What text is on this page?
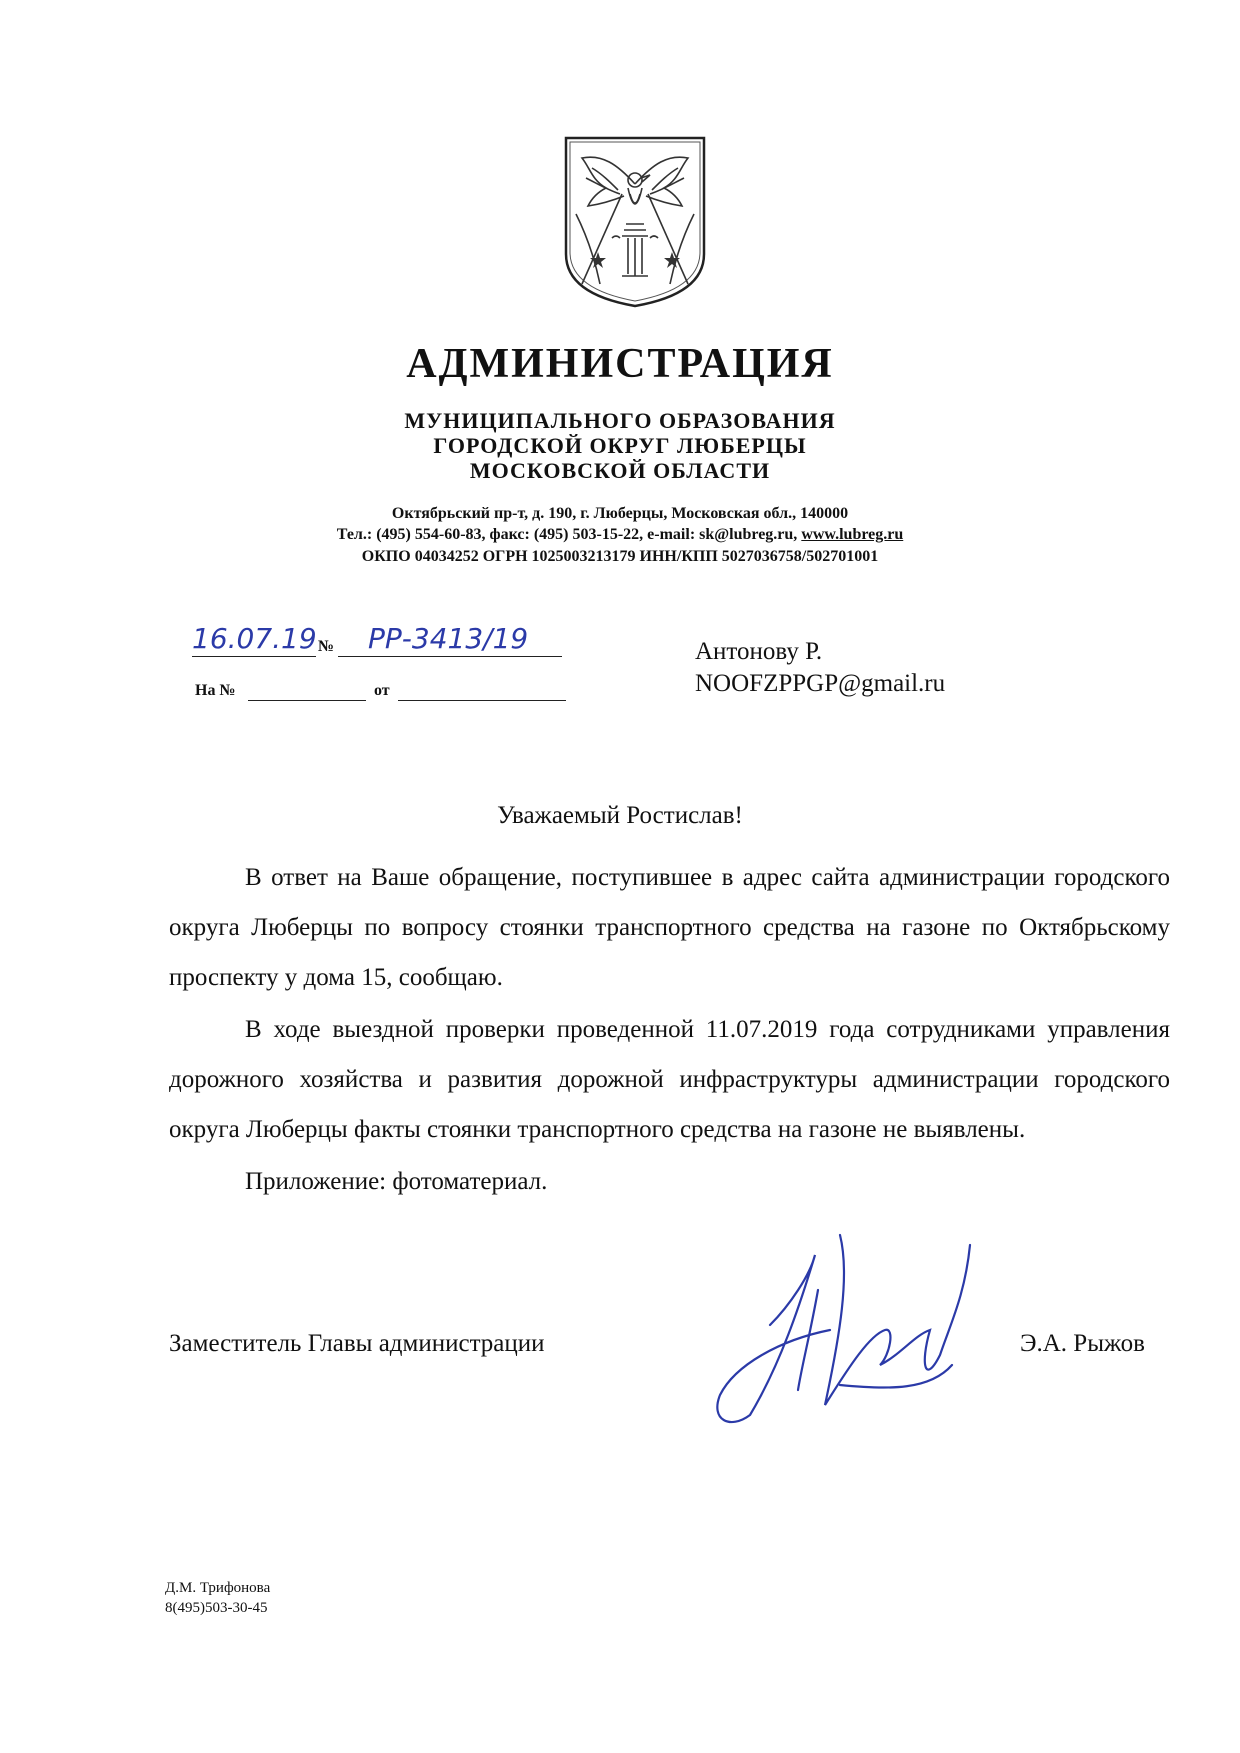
АДМИНИСТРАЦИЯ
МУНИЦИПАЛЬНОГО ОБРАЗОВАНИЯ
ГОРОДСКОЙ ОКРУГ ЛЮБЕРЦЫ
МОСКОВСКОЙ ОБЛАСТИ
Октябрьский пр-т, д. 190, г. Люберцы, Московская обл., 140000
Тел.: (495) 554-60-83, факс: (495) 503-15-22, e-mail: sk@lubreg.ru, www.lubreg.ru
ОКПО 04034252 ОГРН 1025003213179 ИНН/КПП 5027036758/502701001
16.07.19 № РР-3413/19
На №	от
Антонову Р.
NOOFZPPGP@gmail.ru
Уважаемый Ростислав!

В ответ на Ваше обращение, поступившее в адрес сайта администрации городского округа Люберцы по вопросу стоянки транспортного средства на газоне по Октябрьскому проспекту у дома 15, сообщаю.

В ходе выездной проверки проведенной 11.07.2019 года сотрудниками управления дорожного хозяйства и развития дорожной инфраструктуры администрации городского округа Люберцы факты стоянки транспортного средства на газоне не выявлены.

Приложение: фотоматериал.

Заместитель Главы администрации	Э.А. Рыжов
Д.М. Трифонова
8(495)503-30-45
